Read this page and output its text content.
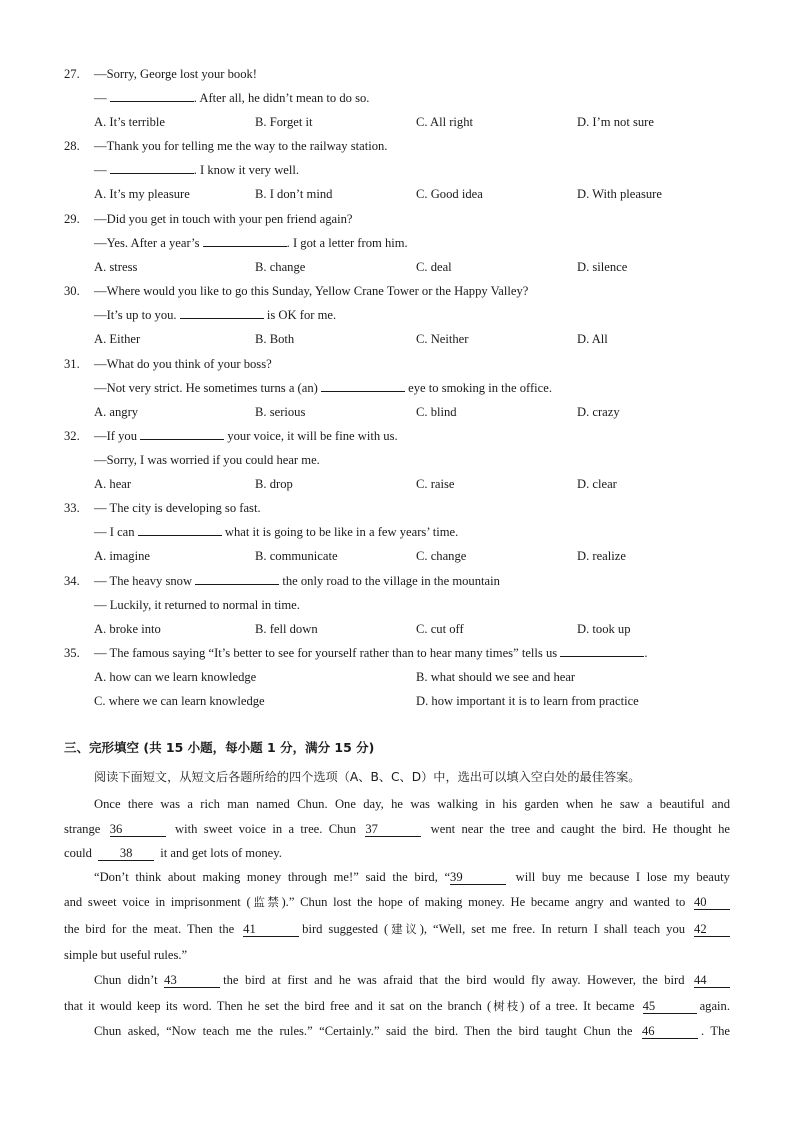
27. —Sorry, George lost your book!
—	. After all, he didn’t mean to do so.
A. It’s terrible	B. Forget it	C. All right	D. I’m not sure
28. —Thank you for telling me the way to the railway station.
—	. I know it very well.
A. It’s my pleasure	B. I don’t mind	C. Good idea	D. With pleasure
29. —Did you get in touch with your pen friend again?
—Yes. After a year’s	. I got a letter from him.
A. stress	B. change	C. deal	D. silence
30. —Where would you like to go this Sunday, Yellow Crane Tower or the Happy Valley?
—It’s up to you.	is OK for me.
A. Either	B. Both	C. Neither	D. All
31. —What do you think of your boss?
—Not very strict. He sometimes turns a (an)	eye to smoking in the office.
A. angry	B. serious	C. blind	D. crazy
32. —If you	your voice, it will be fine with us.
—Sorry, I was worried if you could hear me.
A. hear	B. drop	C. raise	D. clear
33. — The city is developing so fast.
— I can	what it is going to be like in a few years’ time.
A. imagine	B. communicate	C. change	D. realize
34. — The heavy snow	the only road to the village in the mountain
— Luckily, it returned to normal in time.
A. broke into	B. fell down	C. cut off	D. took up
35. — The famous saying “It’s better to see for yourself rather than to hear many times” tells us	.
A. how can we learn knowledge	B. what should we see and hear
C. where we can learn knowledge	D. how important it is to learn from practice
三、完形填空 (共 15 小题，每小题 1 分，满分 15 分)
阅读下面短文，从短文后各题所给的四个选项（A、B、C、D）中，选出可以填入空白处的最佳答案。
Once there was a rich man named Chun. One day, he was walking in his garden when he saw a beautiful and
strange 36	with sweet voice in a tree. Chun 37	went near the tree and caught the bird. He thought he
could 38 it and get lots of money.
“Don’t think about making money through me!” said the bird, “39	will buy me because I lose my beauty
and sweet voice in imprisonment (监禁).” Chun lost the hope of making money. He became angry and wanted to 40
the bird for the meat. Then the 41	bird suggested (建议), “Well, set me free. In return I shall teach you 42
simple but useful rules.”
Chun didn’t 43	the bird at first and he was afraid that the bird would fly away. However, the bird 44
that it would keep its word. Then he set the bird free and it sat on the branch (树枝) of a tree. It became 45	again.
Chun asked, “Now teach me the rules.” “Certainly.” said the bird. Then the bird taught Chun the 46	. The
